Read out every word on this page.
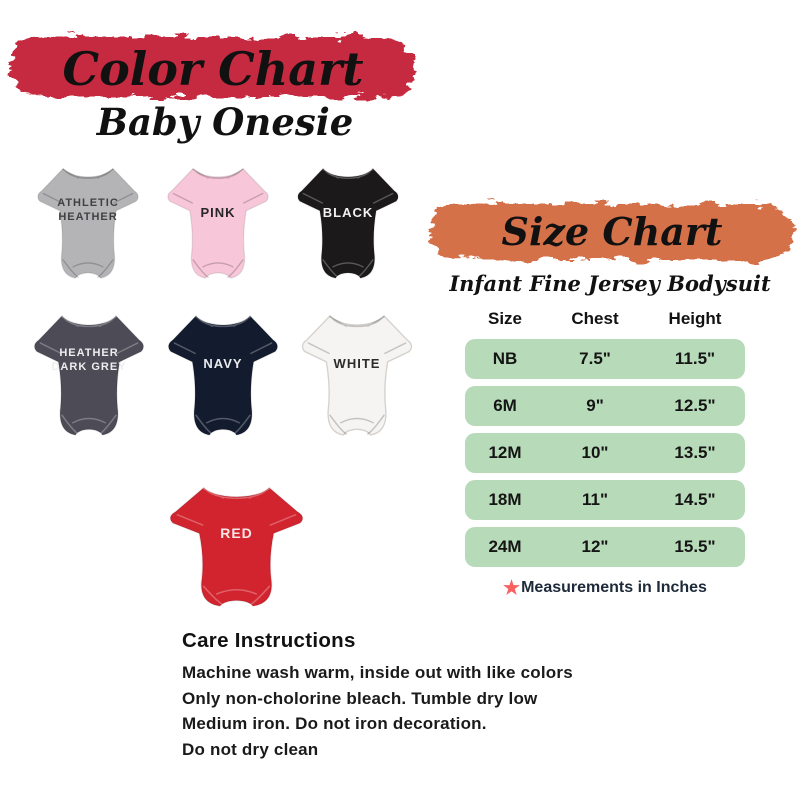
Color Chart
Baby Onesie
ATHLETIC
HEATHER	PINK	BLACK
HEATHER
DARK GREY	NAVY	WHITE
RED
Size Chart
Infant Fine Jersey Bodysuit
Size	Chest	Height
NB	7.5"	11.5"
6M	9"	12.5"
12M	10"	13.5"
18M	11"	14.5"
24M	12"	15.5"
★Measurements in Inches
Care Instructions

Machine wash warm, inside out with like colors

Only non-cholorine bleach. Tumble dry low

Medium iron. Do not iron decoration.

Do not dry clean
